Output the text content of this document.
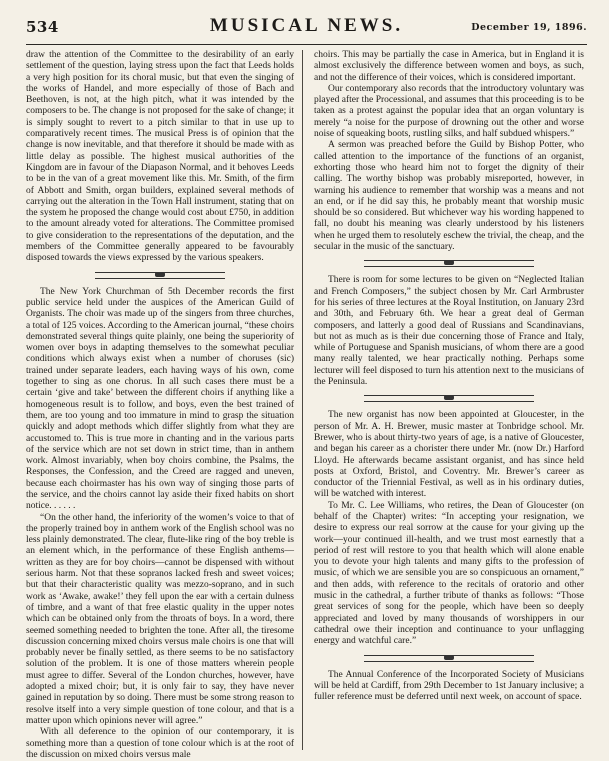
534	MUSICAL NEWS.	December 19, 1896.

draw the attention of the Committee to the desirability of an early settlement of the question, laying stress upon the fact that Leeds holds a very high position for its choral music, but that even the singing of the works of Handel, and more especially of those of Bach and Beethoven, is not, at the high pitch, what it was intended by the composers to be. The change is not proposed for the sake of change; it is simply sought to revert to a pitch similar to that in use up to comparatively recent times. The musical Press is of opinion that the change is now inevitable, and that therefore it should be made with as little delay as possible. The highest musical authorities of the Kingdom are in favour of the Diapason Normal, and it behoves Leeds to be in the van of a great movement like this. Mr. Smith, of the firm of Abbott and Smith, organ builders, explained several methods of carrying out the alteration in the Town Hall instrument, stating that on the system he proposed the change would cost about £750, in addition to the amount already voted for alterations. The Committee promised to give consideration to the representations of the deputation, and the members of the Committee generally appeared to be favourably disposed towards the views expressed by the various speakers.

The New York Churchman of 5th December records the first public service held under the auspices of the American Guild of Organists. The choir was made up of the singers from three churches, a total of 125 voices. According to the American journal, “these choirs demonstrated several things quite plainly, one being the superiority of women over boys in adapting themselves to the somewhat peculiar conditions which always exist when a number of choruses (sic) trained under separate leaders, each having ways of his own, come together to sing as one chorus. In all such cases there must be a certain ‘give and take’ between the different choirs if anything like a homogeneous result is to follow, and boys, even the best trained of them, are too young and too immature in mind to grasp the situation quickly and adopt methods which differ slightly from what they are accustomed to. This is true more in chanting and in the various parts of the service which are not set down in strict time, than in anthem work. Almost invariably, when boy choirs combine, the Psalms, the Responses, the Confession, and the Creed are ragged and uneven, because each choirmaster has his own way of singing those parts of the service, and the choirs cannot lay aside their fixed habits on short notice. . . . . .

“On the other hand, the inferiority of the women’s voice to that of the properly trained boy in anthem work of the English school was no less plainly demonstrated. The clear, flute-like ring of the boy treble is an element which, in the performance of these English anthems—written as they are for boy choirs—cannot be dispensed with without serious harm. Not that these sopranos lacked fresh and sweet voices; but that their characteristic quality was mezzo-soprano, and in such work as ‘Awake, awake!’ they fell upon the ear with a certain dulness of timbre, and a want of that free elastic quality in the upper notes which can be obtained only from the throats of boys. In a word, there seemed something needed to brighten the tone. After all, the tiresome discussion concerning mixed choirs versus male choirs is one that will probably never be finally settled, as there seems to be no satisfactory solution of the problem. It is one of those matters wherein people must agree to differ. Several of the London churches, however, have adopted a mixed choir; but, it is only fair to say, they have never gained in reputation by so doing. There must be some strong reason to resolve itself into a very simple question of tone colour, and that is a matter upon which opinions never will agree.”

With all deference to the opinion of our contemporary, it is something more than a question of tone colour which is at the root of the discussion on mixed choirs versus male

choirs. This may be partially the case in America, but in England it is almost exclusively the difference between women and boys, as such, and not the difference of their voices, which is considered important.

Our contemporary also records that the introductory voluntary was played after the Processional, and assumes that this proceeding is to be taken as a protest against the popular idea that an organ voluntary is merely “a noise for the purpose of drowning out the other and worse noise of squeaking boots, rustling silks, and half subdued whispers.”

A sermon was preached before the Guild by Bishop Potter, who called attention to the importance of the functions of an organist, exhorting those who heard him not to forget the dignity of their calling. The worthy bishop was probably misreported, however, in warning his audience to remember that worship was a means and not an end, or if he did say this, he probably meant that worship music should be so considered. But whichever way his wording happened to fall, no doubt his meaning was clearly understood by his listeners when he urged them to resolutely eschew the trivial, the cheap, and the secular in the music of the sanctuary.

There is room for some lectures to be given on “Neglected Italian and French Composers,” the subject chosen by Mr. Carl Armbruster for his series of three lectures at the Royal Institution, on January 23rd and 30th, and February 6th. We hear a great deal of German composers, and latterly a good deal of Russians and Scandinavians, but not as much as is their due concerning those of France and Italy, while of Portuguese and Spanish musicians, of whom there are a good many really talented, we hear practically nothing. Perhaps some lecturer will feel disposed to turn his attention next to the musicians of the Peninsula.

The new organist has now been appointed at Gloucester, in the person of Mr. A. H. Brewer, music master at Tonbridge school. Mr. Brewer, who is about thirty-two years of age, is a native of Gloucester, and began his career as a chorister there under Mr. (now Dr.) Harford Lloyd. He afterwards became assistant organist, and has since held posts at Oxford, Bristol, and Coventry. Mr. Brewer’s career as conductor of the Triennial Festival, as well as in his ordinary duties, will be watched with interest.

To Mr. C. Lee Williams, who retires, the Dean of Gloucester (on behalf of the Chapter) writes: “In accepting your resignation, we desire to express our real sorrow at the cause for your giving up the work—your continued ill-health, and we trust most earnestly that a period of rest will restore to you that health which will alone enable you to devote your high talents and many gifts to the profession of music, of which we are sensible you are so conspicuous an ornament,” and then adds, with reference to the recitals of oratorio and other music in the cathedral, a further tribute of thanks as follows: “Those great services of song for the people, which have been so deeply appreciated and loved by many thousands of worshippers in our cathedral owe their inception and continuance to your unflagging energy and watchful care.”

The Annual Conference of the Incorporated Society of Musicians will be held at Cardiff, from 29th December to 1st January inclusive; a fuller reference must be deferred until next week, on account of space.
